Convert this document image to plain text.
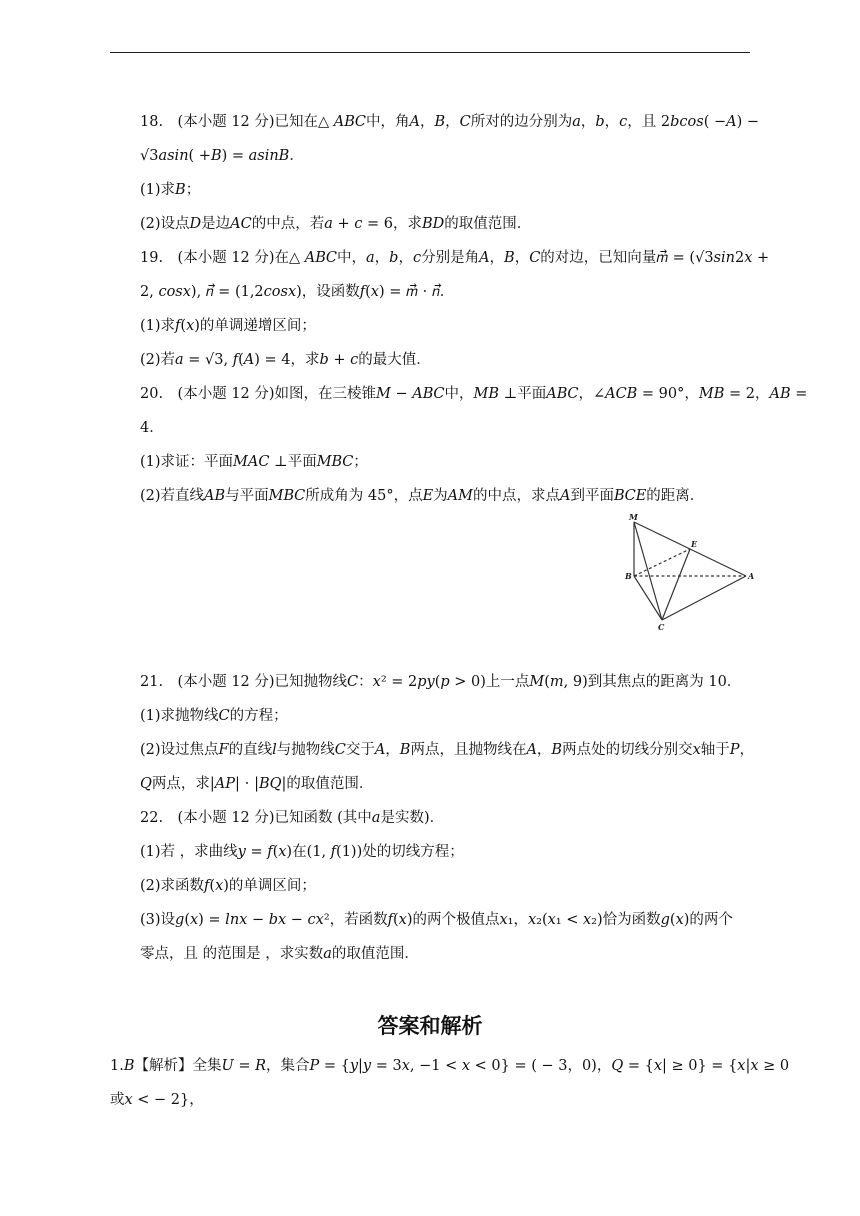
18.　(本小题 12 分)已知在△ 𝐴𝐵𝐶中，角𝐴，𝐵，𝐶所对的边分别为𝑎，𝑏，𝑐，且 2𝑏𝑐𝑜𝑠( −𝐴) −
√3𝑎𝑠𝑖𝑛( +𝐵) = 𝑎𝑠𝑖𝑛𝐵．
(1)求𝐵；
(2)设点𝐷是边𝐴𝐶的中点，若𝑎 + 𝑐 = 6，求𝐵𝐷的取值范围．
19.　(本小题 12 分)在△ 𝐴𝐵𝐶中，𝑎，𝑏，𝑐分别是角𝐴，𝐵，𝐶的对边，已知向量𝑚⃗ = (√3𝑠𝑖𝑛2𝑥 +
2, 𝑐𝑜𝑠𝑥), 𝑛⃗ = (1,2𝑐𝑜𝑠𝑥)，设函数𝑓(𝑥) = 𝑚⃗ ⋅ 𝑛⃗．
(1)求𝑓(𝑥)的单调递增区间；
(2)若𝑎 = √3, 𝑓(𝐴) = 4，求𝑏 + 𝑐的最大值．
20.　(本小题 12 分)如图，在三棱锥𝑀 − 𝐴𝐵𝐶中，𝑀𝐵 ⊥平面𝐴𝐵𝐶，∠𝐴𝐶𝐵 = 90°，𝑀𝐵 = 2，𝐴𝐵 =
4．
(1)求证：平面𝑀𝐴𝐶 ⊥平面𝑀𝐵𝐶；
(2)若直线𝐴𝐵与平面𝑀𝐵𝐶所成角为 45°，点𝐸为𝐴𝑀的中点，求点𝐴到平面𝐵𝐶𝐸的距离．
M
E
B	A
C
21.　(本小题 12 分)已知抛物线𝐶：𝑥² = 2𝑝𝑦(𝑝 > 0)上一点𝑀(𝑚, 9)到其焦点的距离为 10．
(1)求抛物线𝐶的方程；
(2)设过焦点𝐹的直线𝑙与抛物线𝐶交于𝐴，𝐵两点，且抛物线在𝐴，𝐵两点处的切线分别交𝑥轴于𝑃，
𝑄两点，求|𝐴𝑃| ⋅ |𝐵𝑄|的取值范围．
22.　(本小题 12 分)已知函数 (其中𝑎是实数)．
(1)若 ，求曲线𝑦 = 𝑓(𝑥)在(1, 𝑓(1))处的切线方程；
(2)求函数𝑓(𝑥)的单调区间；
(3)设𝑔(𝑥) = 𝑙𝑛𝑥 − 𝑏𝑥 − 𝑐𝑥²，若函数𝑓(𝑥)的两个极值点𝑥₁，𝑥₂(𝑥₁ < 𝑥₂)恰为函数𝑔(𝑥)的两个
零点，且 的范围是 ，求实数𝑎的取值范围．
答案和解析
1.𝐵【解析】全集𝑈 = 𝑅，集合𝑃 = {𝑦|𝑦 = 3𝑥, −1 < 𝑥 < 0} = ( − 3，0)，𝑄 = {𝑥| ≥ 0} = {𝑥|𝑥 ≥ 0
或𝑥 < − 2}，
